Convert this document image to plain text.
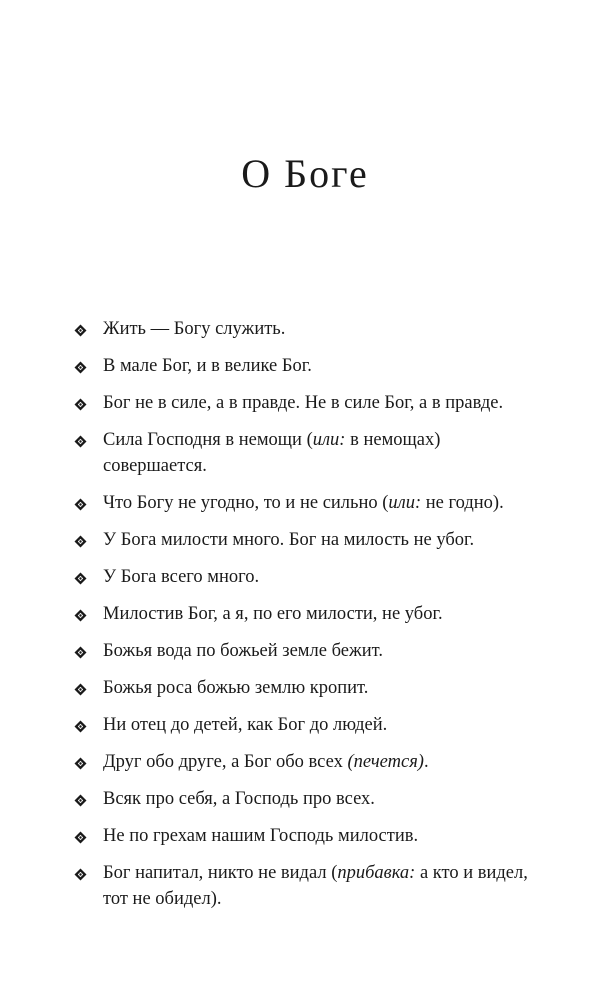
О Боге
Жить — Богу служить.
В мале Бог, и в велике Бог.
Бог не в силе, а в правде. Не в силе Бог, а в правде.
Сила Господня в немощи (или: в немощах) совершается.
Что Богу не угодно, то и не сильно (или: не годно).
У Бога милости много. Бог на милость не убог.
У Бога всего много.
Милостив Бог, а я, по его милости, не убог.
Божья вода по божьей земле бежит.
Божья роса божью землю кропит.
Ни отец до детей, как Бог до людей.
Друг обо друге, а Бог обо всех (печется).
Всяк про себя, а Господь про всех.
Не по грехам нашим Господь милостив.
Бог напитал, никто не видал (прибавка: а кто и видел, тот не обидел).
